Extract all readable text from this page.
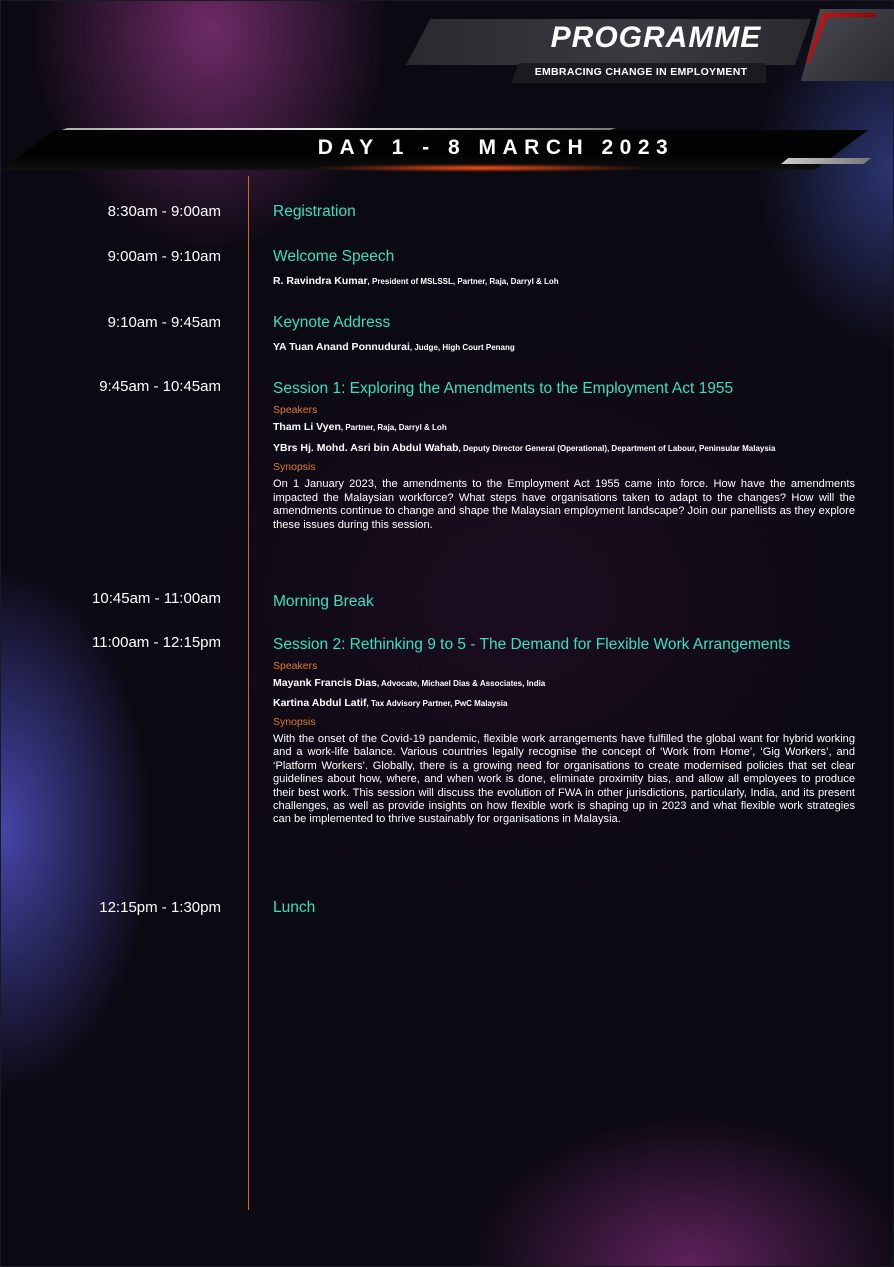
PROGRAMME
EMBRACING CHANGE IN EMPLOYMENT
DAY 1 - 8 MARCH 2023
8:30am - 9:00am	Registration
9:00am - 9:10am	Welcome Speech
R. Ravindra Kumar, President of MSLSSL, Partner, Raja, Darryl & Loh
9:10am - 9:45am	Keynote Address
YA Tuan Anand Ponnudurai, Judge, High Court Penang
9:45am - 10:45am	Session 1: Exploring the Amendments to the Employment Act 1955
Speakers
Tham Li Vyen, Partner, Raja, Darryl & Loh
YBrs Hj. Mohd. Asri bin Abdul Wahab, Deputy Director General (Operational), Department of Labour, Peninsular Malaysia
Synopsis
On 1 January 2023, the amendments to the Employment Act 1955 came into force. How have the amendments impacted the Malaysian workforce? What steps have organisations taken to adapt to the changes? How will the amendments continue to change and shape the Malaysian employment landscape? Join our panellists as they explore these issues during this session.
10:45am - 11:00am	Morning Break
11:00am - 12:15pm	Session 2: Rethinking 9 to 5 - The Demand for Flexible Work Arrangements
Speakers
Mayank Francis Dias, Advocate, Michael Dias & Associates, India
Kartina Abdul Latif, Tax Advisory Partner, PwC Malaysia
Synopsis
With the onset of the Covid-19 pandemic, flexible work arrangements have fulfilled the global want for hybrid working and a work-life balance. Various countries legally recognise the concept of ‘Work from Home’, ‘Gig Workers’, and ‘Platform Workers’. Globally, there is a growing need for organisations to create modernised policies that set clear guidelines about how, where, and when work is done, eliminate proximity bias, and allow all employees to produce their best work. This session will discuss the evolution of FWA in other jurisdictions, particularly, India, and its present challenges, as well as provide insights on how flexible work is shaping up in 2023 and what flexible work strategies can be implemented to thrive sustainably for organisations in Malaysia.
12:15pm - 1:30pm	Lunch
